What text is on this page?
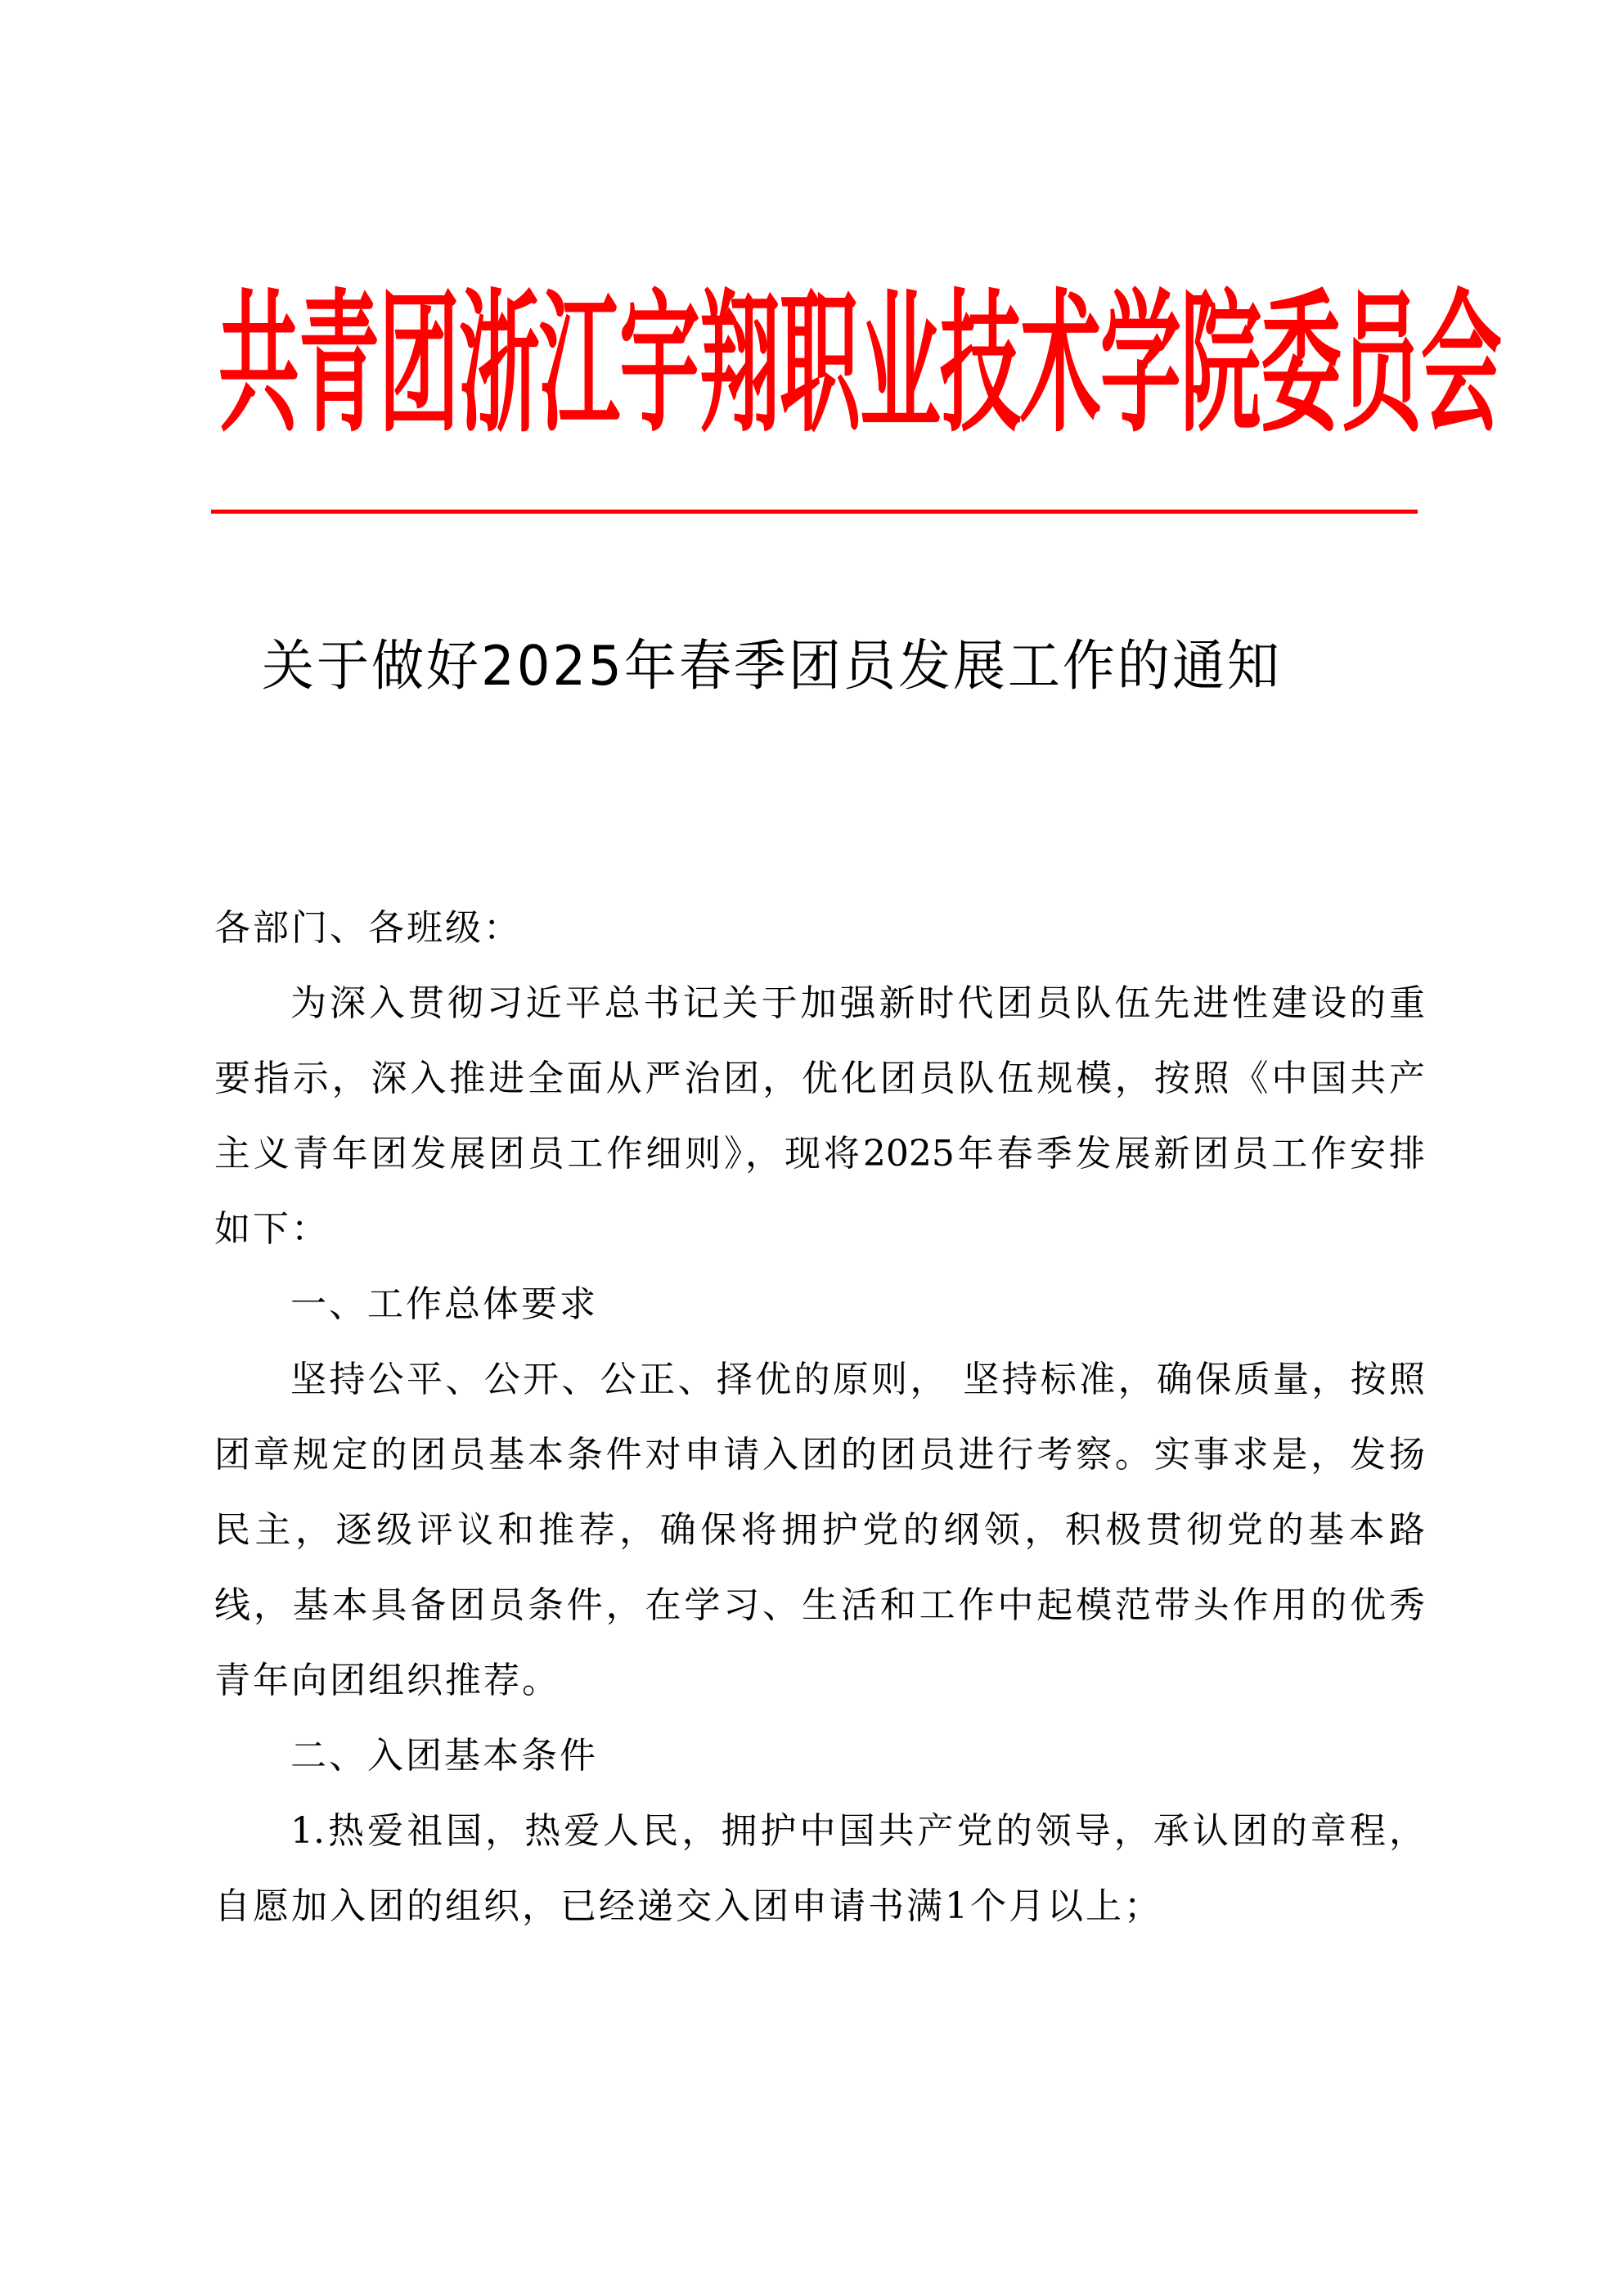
共 青 团 浙 江 宇 翔 职 业 技 术 学 院 委 员 会
关于做好2025年春季团员发展工作的通知
各部门、各班级：
为深入贯彻习近平总书记关于加强新时代团员队伍先进性建设的重
要指示，深入推进全面从严治团，优化团员队伍规模，按照《中国共产
主义青年团发展团员工作细则》，现将2025年春季发展新团员工作安排
如下：
一、工作总体要求
坚持公平、公开、公正、择优的原则， 坚持标准，确保质量，按照
团章规定的团员基本条件对申请入团的团员进行考察。实事求是，发扬
民主，逐级评议和推荐，确保将拥护党的纲领，积极贯彻党的基本路
线，基本具备团员条件，在学习、生活和工作中起模范带头作用的优秀
青年向团组织推荐。
二、入团基本条件
1.热爱祖国，热爱人民，拥护中国共产党的领导，承认团的章程，
自愿加入团的组织，已经递交入团申请书满1个月以上；
